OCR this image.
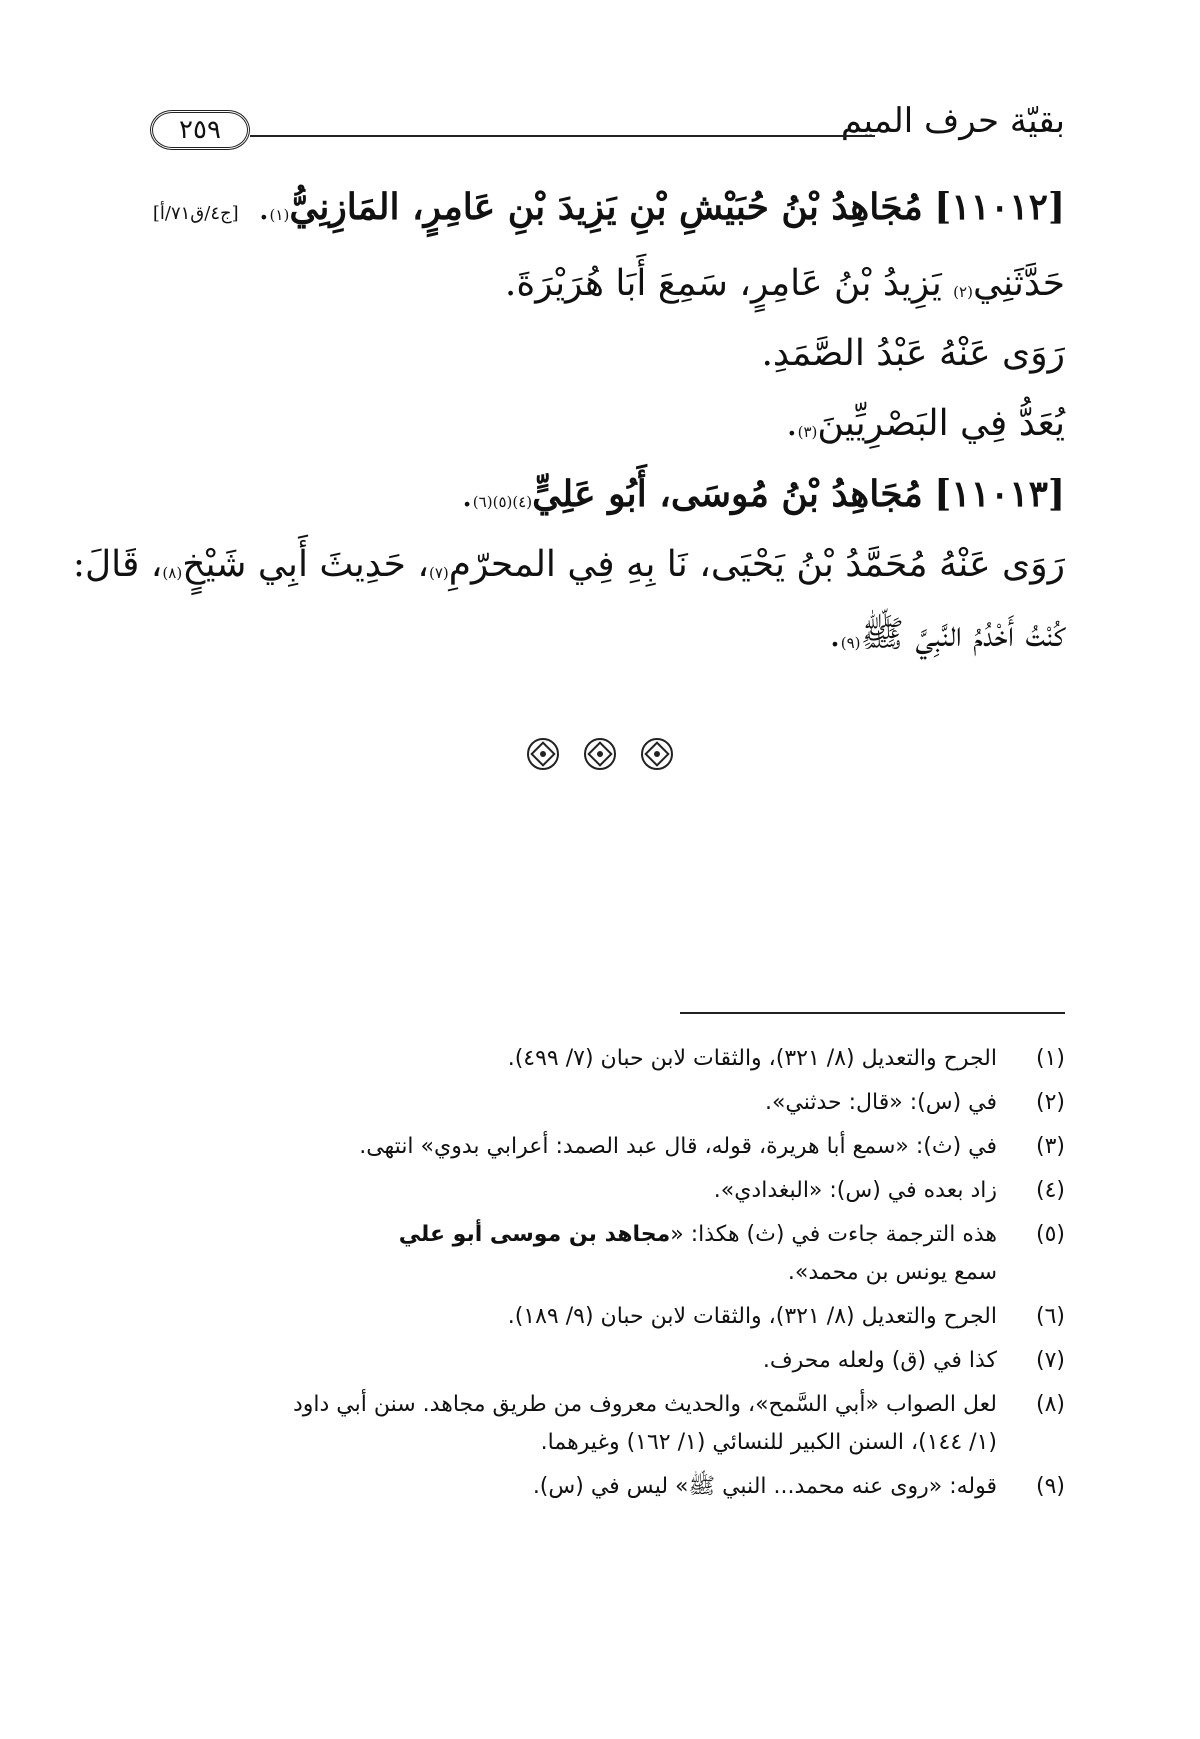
بقيّة حرف الميم
٢٥٩
[١١٠١٢] مُجَاهِدُ بْنُ حُبَيْشِ بْنِ يَزِيدَ بْنِ عَامِرٍ، المَازِنِيُّ$^{(١)}$. [ج٤/ق٧١/أ]
حَدَّثَنِي$^{(٢)}$ يَزِيدُ بْنُ عَامِرٍ، سَمِعَ أَبَا هُرَيْرَةَ.
رَوَى عَنْهُ عَبْدُ الصَّمَدِ.
يُعَدُّ فِي البَصْرِيِّينَ$^{(٣)}$.
[١١٠١٣] مُجَاهِدُ بْنُ مُوسَى، أَبُو عَلِيٍّ$^{(٤)(٥)(٦)}$.
رَوَى عَنْهُ مُحَمَّدُ بْنُ يَحْيَى، نَا بِهِ فِي المحرّمِ$^{(٧)}$، حَدِيثَ أَبِي شَيْخٍ$^{(٨)}$، قَالَ:
كُنْتُ أَخْدُمُ النَّبِيَّ ﷺ$^{(٩)}$.

(١)
الجرح والتعديل (٨/ ٣٢١)، والثقات لابن حبان (٧/ ٤٩٩).
(٢)
في (س): «قال: حدثني».
(٣)
في (ث): «سمع أبا هريرة، قوله، قال عبد الصمد: أعرابي بدوي» انتهى.
(٤)
زاد بعده في (س): «البغدادي».
(٥)
هذه الترجمة جاءت في (ث) هكذا: «مجاهد بن موسى أبو علي
سمع يونس بن محمد».
(٦)
الجرح والتعديل (٨/ ٣٢١)، والثقات لابن حبان (٩/ ١٨٩).
(٧)
كذا في (ق) ولعله محرف.
(٨)
لعل الصواب «أبي السَّمح»، والحديث معروف من طريق مجاهد. سنن أبي داود
(١/ ١٤٤)، السنن الكبير للنسائي (١/ ١٦٢) وغيرهما.
(٩)
قوله: «روى عنه محمد... النبي ﷺ» ليس في (س).
